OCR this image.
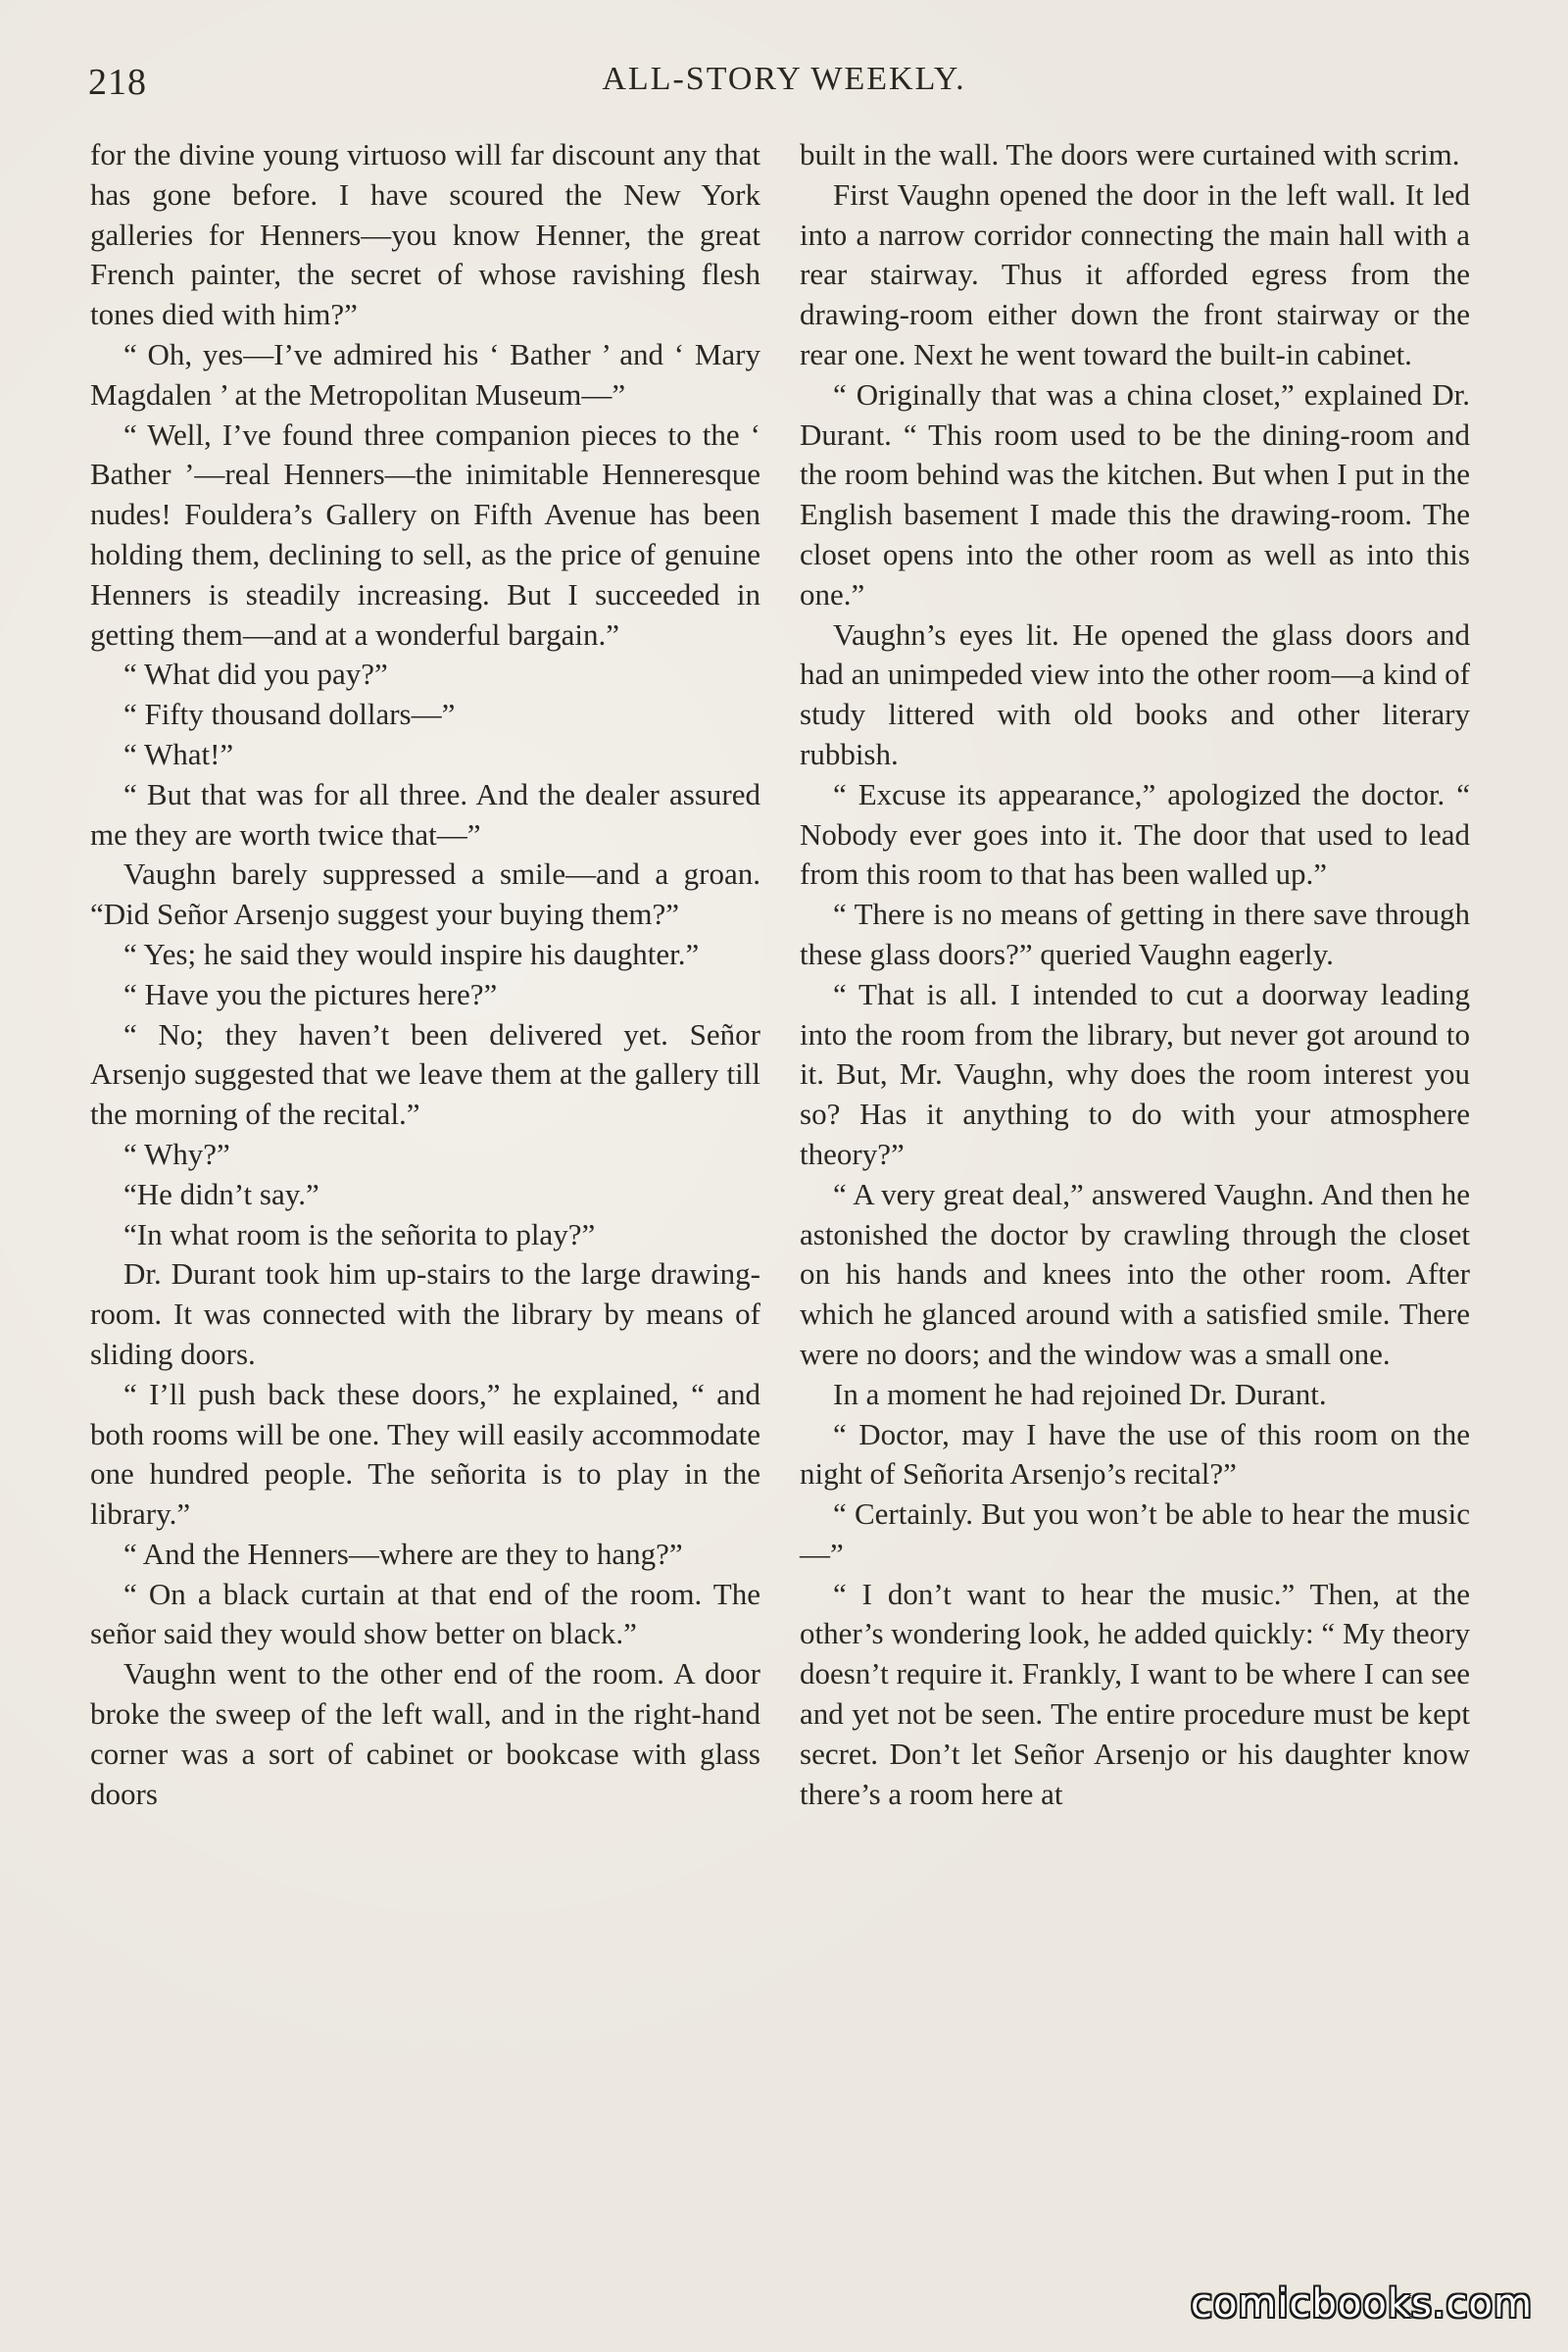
218	ALL-STORY WEEKLY.

for the divine young virtuoso will far discount any that has gone before. I have scoured the New York galleries for Henners—you know Henner, the great French painter, the secret of whose ravishing flesh tones died with him?”

“ Oh, yes—I’ve admired his ‘ Bather ’ and ‘ Mary Magdalen ’ at the Metropolitan Museum—”

“ Well, I’ve found three companion pieces to the ‘ Bather ’—real Henners—the inimitable Henneresque nudes! Fouldera’s Gallery on Fifth Avenue has been holding them, declining to sell, as the price of genuine Henners is steadily increasing. But I succeeded in getting them—and at a wonderful bargain.”

“ What did you pay?”

“ Fifty thousand dollars—”

“ What!”

“ But that was for all three. And the dealer assured me they are worth twice that—”

Vaughn barely suppressed a smile—and a groan. “Did Señor Arsenjo suggest your buying them?”

“ Yes; he said they would inspire his daughter.”

“ Have you the pictures here?”

“ No; they haven’t been delivered yet. Señor Arsenjo suggested that we leave them at the gallery till the morning of the recital.”

“ Why?”

“He didn’t say.”

“In what room is the señorita to play?”

Dr. Durant took him up-stairs to the large drawing-room. It was connected with the library by means of sliding doors.

“ I’ll push back these doors,” he explained, “ and both rooms will be one. They will easily accommodate one hundred people. The señorita is to play in the library.”

“ And the Henners—where are they to hang?”

“ On a black curtain at that end of the room. The señor said they would show better on black.”

Vaughn went to the other end of the room. A door broke the sweep of the left wall, and in the right-hand corner was a sort of cabinet or bookcase with glass doors

built in the wall. The doors were curtained with scrim.

First Vaughn opened the door in the left wall. It led into a narrow corridor connecting the main hall with a rear stairway. Thus it afforded egress from the drawing-room either down the front stairway or the rear one. Next he went toward the built-in cabinet.

“ Originally that was a china closet,” explained Dr. Durant. “ This room used to be the dining-room and the room behind was the kitchen. But when I put in the English basement I made this the drawing-room. The closet opens into the other room as well as into this one.”

Vaughn’s eyes lit. He opened the glass doors and had an unimpeded view into the other room—a kind of study littered with old books and other literary rubbish.

“ Excuse its appearance,” apologized the doctor. “ Nobody ever goes into it. The door that used to lead from this room to that has been walled up.”

“ There is no means of getting in there save through these glass doors?” queried Vaughn eagerly.

“ That is all. I intended to cut a doorway leading into the room from the library, but never got around to it. But, Mr. Vaughn, why does the room interest you so? Has it anything to do with your atmosphere theory?”

“ A very great deal,” answered Vaughn. And then he astonished the doctor by crawling through the closet on his hands and knees into the other room. After which he glanced around with a satisfied smile. There were no doors; and the window was a small one.

In a moment he had rejoined Dr. Durant.

“ Doctor, may I have the use of this room on the night of Señorita Arsenjo’s recital?”

“ Certainly. But you won’t be able to hear the music—”

“ I don’t want to hear the music.” Then, at the other’s wondering look, he added quickly: “ My theory doesn’t require it. Frankly, I want to be where I can see and yet not be seen. The entire procedure must be kept secret. Don’t let Señor Arsenjo or his daughter know there’s a room here at

comicbooks.com
